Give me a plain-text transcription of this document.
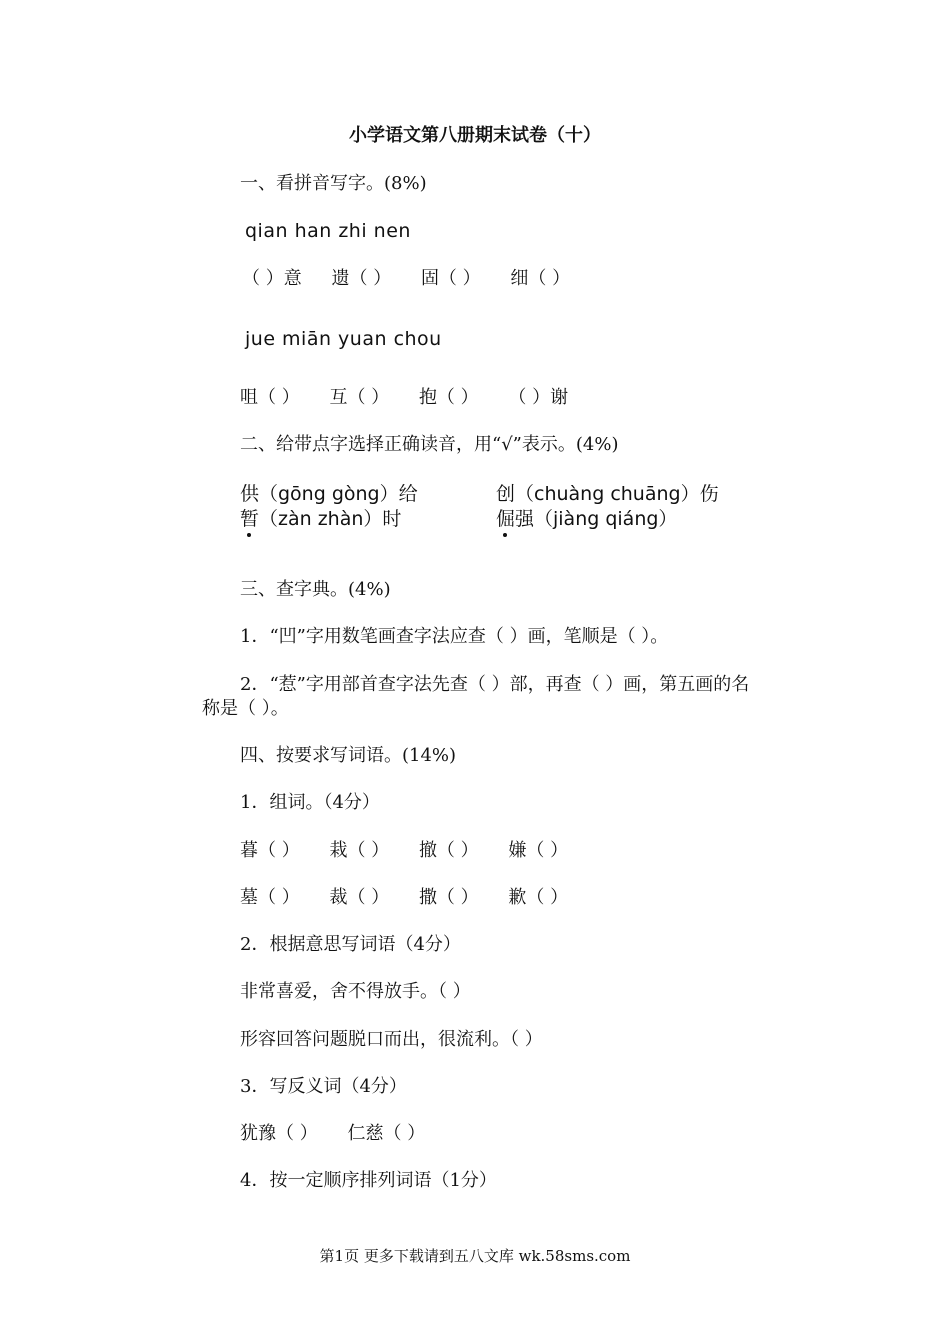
小学语文第八册期末试卷（十）
一、看拼音写字。(8%)
qian han zhi nen
（ ）意 遗（ ） 固（ ） 细（ ）
jue miān yuan chou
咀（ ） 互（ ） 抱（ ） （ ）谢
二、给带点字选择正确读音，用“√”表示。(4%)
供（gōng gòng）给	创（chuàng chuāng）伤
暂（zàn zhàn）时	倔强（jiàng qiáng）
三、查字典。(4%)
1．“凹”字用数笔画查字法应查（ ）画，笔顺是（ ）。
2．“惹”字用部首查字法先查（ ）部，再查（ ）画，第五画的名
称是（ ）。
四、按要求写词语。(14%)
1．组词。（4分）
暮（ ） 栽（ ） 撤（ ） 嫌（ ）
墓（ ） 裁（ ） 撒（ ） 歉（ ）
2．根据意思写词语（4分）
非常喜爱，舍不得放手。（ ）
形容回答问题脱口而出，很流利。（ ）
3．写反义词（4分）
犹豫（ ） 仁慈（ ）
4．按一定顺序排列词语（1分）
第1页 更多下载请到五八文库 wk.58sms.com
